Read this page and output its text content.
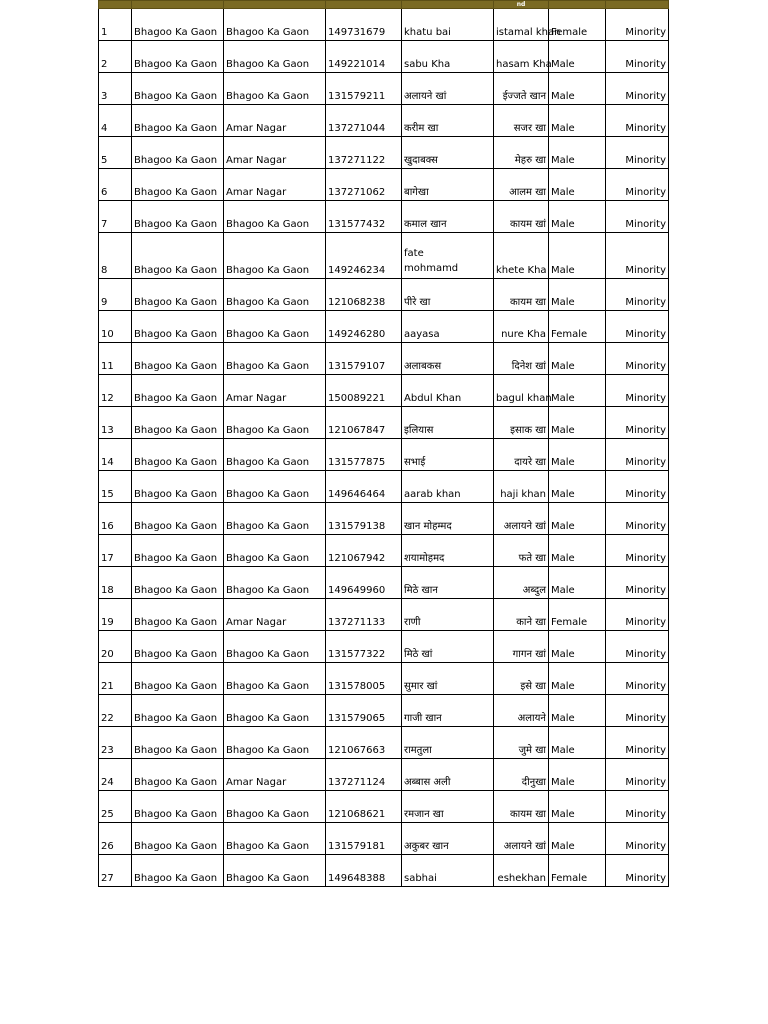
					nd		
1	Bhagoo Ka Gaon	Bhagoo Ka Gaon	149731679	khatu bai	istamal khan	Female	Minority
2	Bhagoo Ka Gaon	Bhagoo Ka Gaon	149221014	sabu Kha	hasam Kha	Male	Minority
3	Bhagoo Ka Gaon	Bhagoo Ka Gaon	131579211	अलायने खां	ईज्जते खान	Male	Minority
4	Bhagoo Ka Gaon	Amar Nagar	137271044	करीम खा	सजर खा	Male	Minority
5	Bhagoo Ka Gaon	Amar Nagar	137271122	खुदाबक्स	मेहरु खा	Male	Minority
6	Bhagoo Ka Gaon	Amar Nagar	137271062	बागेखा	आलम खा	Male	Minority
7	Bhagoo Ka Gaon	Bhagoo Ka Gaon	131577432	कमाल खान	कायम खां	Male	Minority
8	Bhagoo Ka Gaon	Bhagoo Ka Gaon	149246234	fate
mohmamd	khete Kha	Male	Minority
9	Bhagoo Ka Gaon	Bhagoo Ka Gaon	121068238	पीरे खा	कायम खा	Male	Minority
10	Bhagoo Ka Gaon	Bhagoo Ka Gaon	149246280	aayasa	nure Kha	Female	Minority
11	Bhagoo Ka Gaon	Bhagoo Ka Gaon	131579107	अलाबकस	दिनेश खां	Male	Minority
12	Bhagoo Ka Gaon	Amar Nagar	150089221	Abdul Khan	bagul khan	Male	Minority
13	Bhagoo Ka Gaon	Bhagoo Ka Gaon	121067847	इलियास	इसाक खा	Male	Minority
14	Bhagoo Ka Gaon	Bhagoo Ka Gaon	131577875	सभाई	दायरे खा	Male	Minority
15	Bhagoo Ka Gaon	Bhagoo Ka Gaon	149646464	aarab khan	haji khan	Male	Minority
16	Bhagoo Ka Gaon	Bhagoo Ka Gaon	131579138	खान मोहम्मद	अलायने खां	Male	Minority
17	Bhagoo Ka Gaon	Bhagoo Ka Gaon	121067942	शयामोहमद	फते खा	Male	Minority
18	Bhagoo Ka Gaon	Bhagoo Ka Gaon	149649960	मिठे खान	अब्दुल	Male	Minority
19	Bhagoo Ka Gaon	Amar Nagar	137271133	राणी	काने खा	Female	Minority
20	Bhagoo Ka Gaon	Bhagoo Ka Gaon	131577322	मिठे खां	गागन खां	Male	Minority
21	Bhagoo Ka Gaon	Bhagoo Ka Gaon	131578005	सुमार खां	इसे खा	Male	Minority
22	Bhagoo Ka Gaon	Bhagoo Ka Gaon	131579065	गाजी खान	अलायने	Male	Minority
23	Bhagoo Ka Gaon	Bhagoo Ka Gaon	121067663	रामतुला	जुमे खा	Male	Minority
24	Bhagoo Ka Gaon	Amar Nagar	137271124	अब्बास अली	दीनुखा	Male	Minority
25	Bhagoo Ka Gaon	Bhagoo Ka Gaon	121068621	रमजान खा	कायम खा	Male	Minority
26	Bhagoo Ka Gaon	Bhagoo Ka Gaon	131579181	अकुबर खान	अलायने खां	Male	Minority
27	Bhagoo Ka Gaon	Bhagoo Ka Gaon	149648388	sabhai	eshekhan	Female	Minority
